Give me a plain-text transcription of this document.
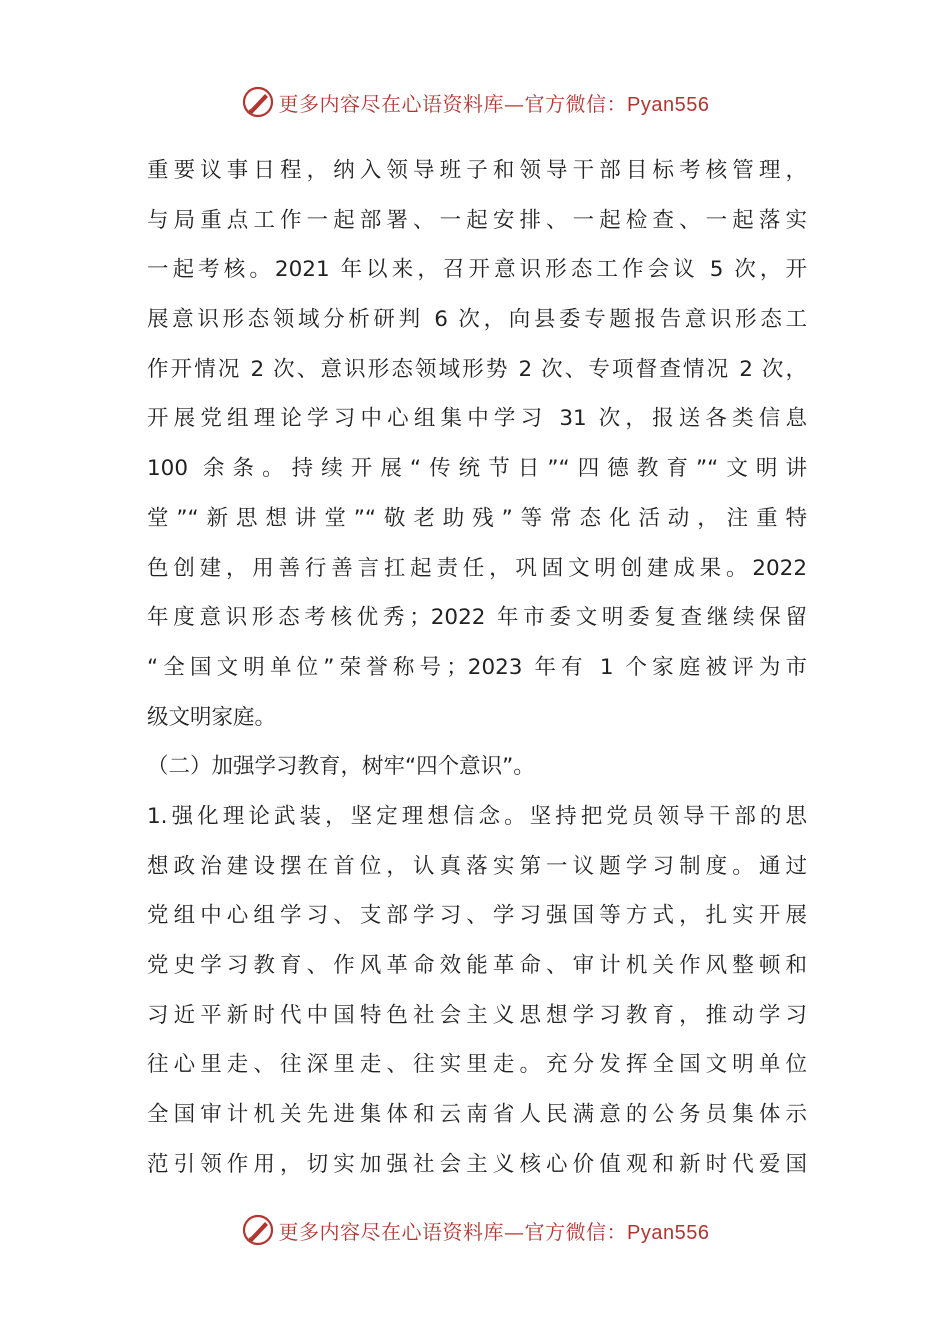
更多内容尽在心语资料库—官方微信：Pyan556
重要议事日程，纳入领导班子和领导干部目标考核管理，
与局重点工作一起部署、一起安排、一起检查、一起落实
一起考核。2021 年以来，召开意识形态工作会议 5 次，开
展意识形态领域分析研判 6 次，向县委专题报告意识形态工
作开情况 2 次、意识形态领域形势 2 次、专项督查情况 2 次，
开展党组理论学习中心组集中学习 31 次，报送各类信息
100 余条。持续开展“传统节日”“四德教育”“文明讲
堂”“新思想讲堂”“敬老助残”等常态化活动，注重特
色创建，用善行善言扛起责任，巩固文明创建成果。2022
年度意识形态考核优秀；2022 年市委文明委复查继续保留
“全国文明单位”荣誉称号；2023 年有 1 个家庭被评为市
级文明家庭。
（二）加强学习教育，树牢“四个意识”。
1.强化理论武装，坚定理想信念。坚持把党员领导干部的思
想政治建设摆在首位，认真落实第一议题学习制度。通过
党组中心组学习、支部学习、学习强国等方式，扎实开展
党史学习教育、作风革命效能革命、审计机关作风整顿和
习近平新时代中国特色社会主义思想学习教育，推动学习
往心里走、往深里走、往实里走。充分发挥全国文明单位
全国审计机关先进集体和云南省人民满意的公务员集体示
范引领作用，切实加强社会主义核心价值观和新时代爱国
更多内容尽在心语资料库—官方微信：Pyan556
